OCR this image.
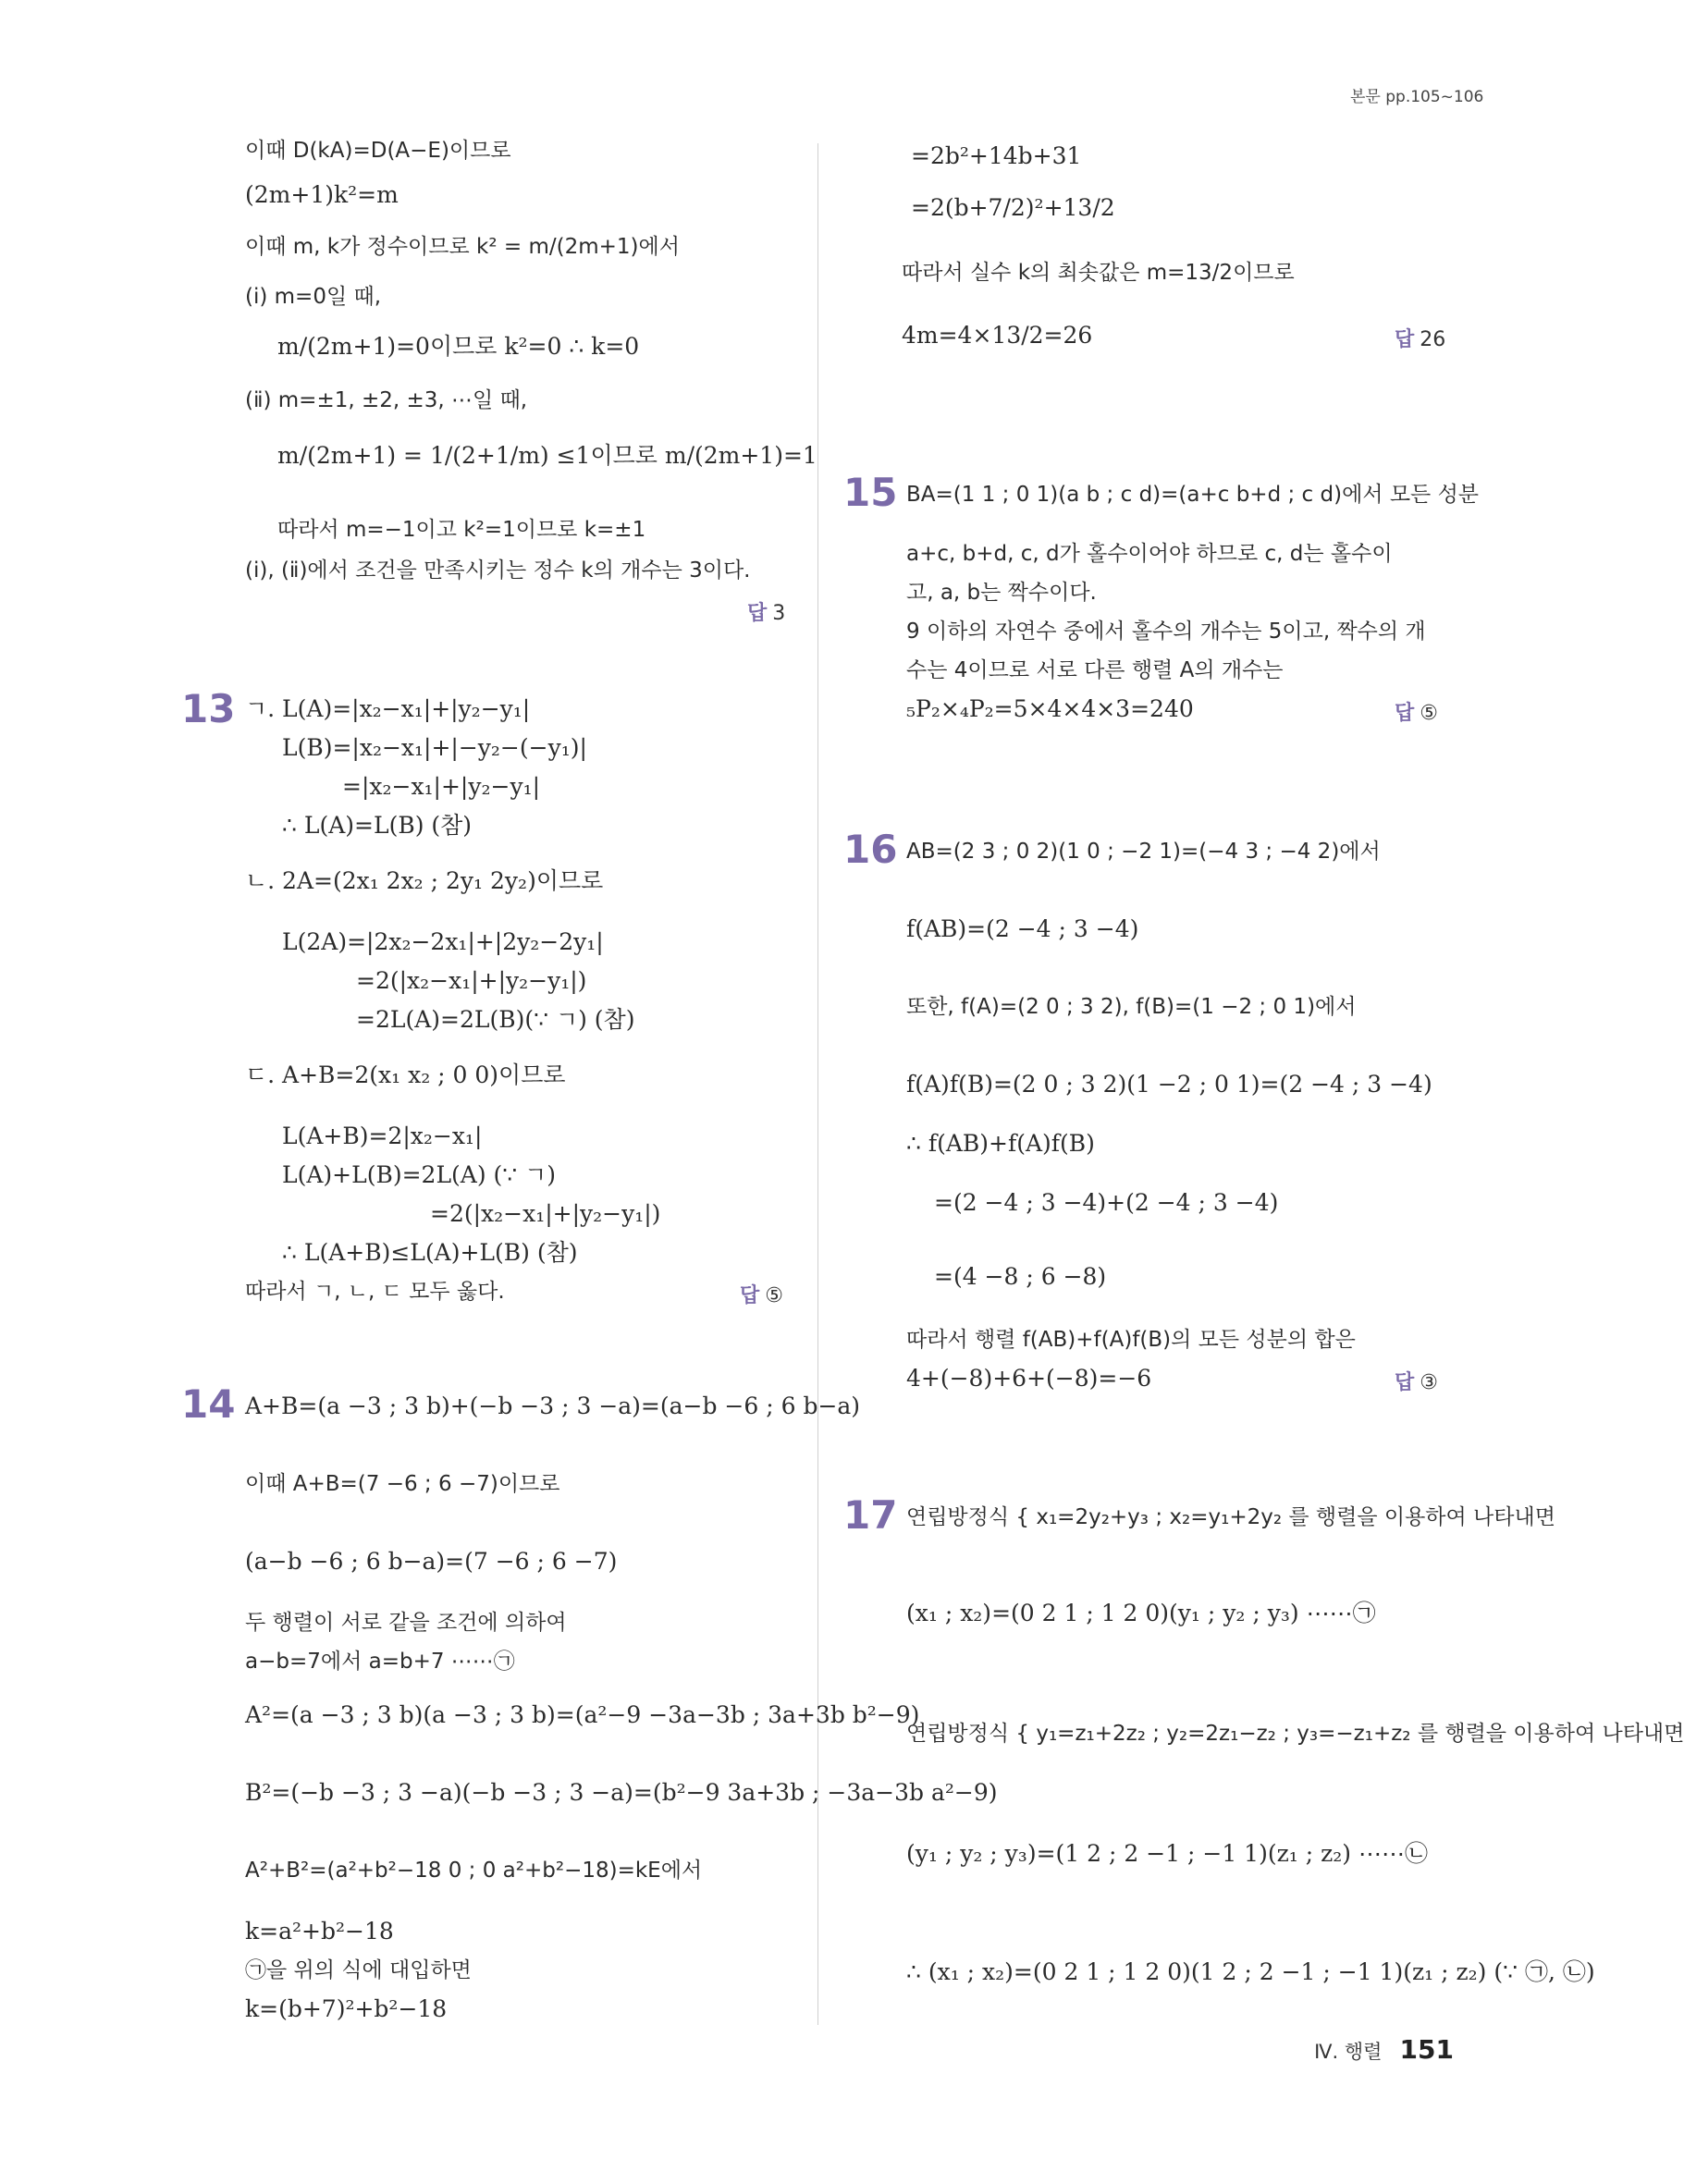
본문 pp.105~106
이때 D(kA)=D(A−E)이므로
(2m+1)k²=m
이때 m, k가 정수이므로 k² = m/(2m+1)에서
(ⅰ) m=0일 때,
m/(2m+1)=0이므로 k²=0 ∴ k=0
(ⅱ) m=±1, ±2, ±3, ⋯일 때,
m/(2m+1) = 1/(2+1/m) ≤1이므로 m/(2m+1)=1
따라서 m=−1이고 k²=1이므로 k=±1
(ⅰ), (ⅱ)에서 조건을 만족시키는 정수 k의 개수는 3이다.
답 3
13 ㄱ. L(A)=|x₂−x₁|+|y₂−y₁|
L(B)=|x₂−x₁|+|−y₂−(−y₁)|
=|x₂−x₁|+|y₂−y₁|
∴ L(A)=L(B) (참)
ㄴ. 2A=(2x₁ 2x₂ ; 2y₁ 2y₂)이므로
L(2A)=|2x₂−2x₁|+|2y₂−2y₁|
=2(|x₂−x₁|+|y₂−y₁|)
=2L(A)=2L(B)(∵ ㄱ) (참)
ㄷ. A+B=2(x₁ x₂ ; 0 0)이므로
L(A+B)=2|x₂−x₁|
L(A)+L(B)=2L(A) (∵ ㄱ)
=2(|x₂−x₁|+|y₂−y₁|)
∴ L(A+B)≤L(A)+L(B) (참)
따라서 ㄱ, ㄴ, ㄷ 모두 옳다.	답 ⑤
14 A+B=(a −3 ; 3 b)+(−b −3 ; 3 −a)=(a−b −6 ; 6 b−a)
이때 A+B=(7 −6 ; 6 −7)이므로
(a−b −6 ; 6 b−a)=(7 −6 ; 6 −7)
두 행렬이 서로 같을 조건에 의하여
a−b=7에서 a=b+7 ⋯⋯㉠
A²=(a −3 ; 3 b)(a −3 ; 3 b)=(a²−9 −3a−3b ; 3a+3b b²−9)
B²=(−b −3 ; 3 −a)(−b −3 ; 3 −a)=(b²−9 3a+3b ; −3a−3b a²−9)
A²+B²=(a²+b²−18 0 ; 0 a²+b²−18)=kE에서
k=a²+b²−18
㉠을 위의 식에 대입하면
k=(b+7)²+b²−18
=2b²+14b+31
=2(b+7/2)²+13/2
따라서 실수 k의 최솟값은 m=13/2이므로
4m=4×13/2=26	답 26
15 BA=(1 1 ; 0 1)(a b ; c d)=(a+c b+d ; c d)에서 모든 성분
a+c, b+d, c, d가 홀수이어야 하므로 c, d는 홀수이
고, a, b는 짝수이다.
9 이하의 자연수 중에서 홀수의 개수는 5이고, 짝수의 개
수는 4이므로 서로 다른 행렬 A의 개수는
₅P₂×₄P₂=5×4×4×3=240	답 ⑤
16 AB=(2 3 ; 0 2)(1 0 ; −2 1)=(−4 3 ; −4 2)에서
f(AB)=(2 −4 ; 3 −4)
또한, f(A)=(2 0 ; 3 2), f(B)=(1 −2 ; 0 1)에서
f(A)f(B)=(2 0 ; 3 2)(1 −2 ; 0 1)=(2 −4 ; 3 −4)
∴ f(AB)+f(A)f(B)
=(2 −4 ; 3 −4)+(2 −4 ; 3 −4)
=(4 −8 ; 6 −8)
따라서 행렬 f(AB)+f(A)f(B)의 모든 성분의 합은
4+(−8)+6+(−8)=−6	답 ③
17 연립방정식 { x₁=2y₂+y₃ ; x₂=y₁+2y₂ 를 행렬을 이용하여 나타내면
(x₁ ; x₂)=(0 2 1 ; 1 2 0)(y₁ ; y₂ ; y₃) ⋯⋯㉠
연립방정식 { y₁=z₁+2z₂ ; y₂=2z₁−z₂ ; y₃=−z₁+z₂ 를 행렬을 이용하여 나타내면
(y₁ ; y₂ ; y₃)=(1 2 ; 2 −1 ; −1 1)(z₁ ; z₂) ⋯⋯㉡
∴ (x₁ ; x₂)=(0 2 1 ; 1 2 0)(1 2 ; 2 −1 ; −1 1)(z₁ ; z₂) (∵ ㉠, ㉡)
Ⅳ. 행렬 151
